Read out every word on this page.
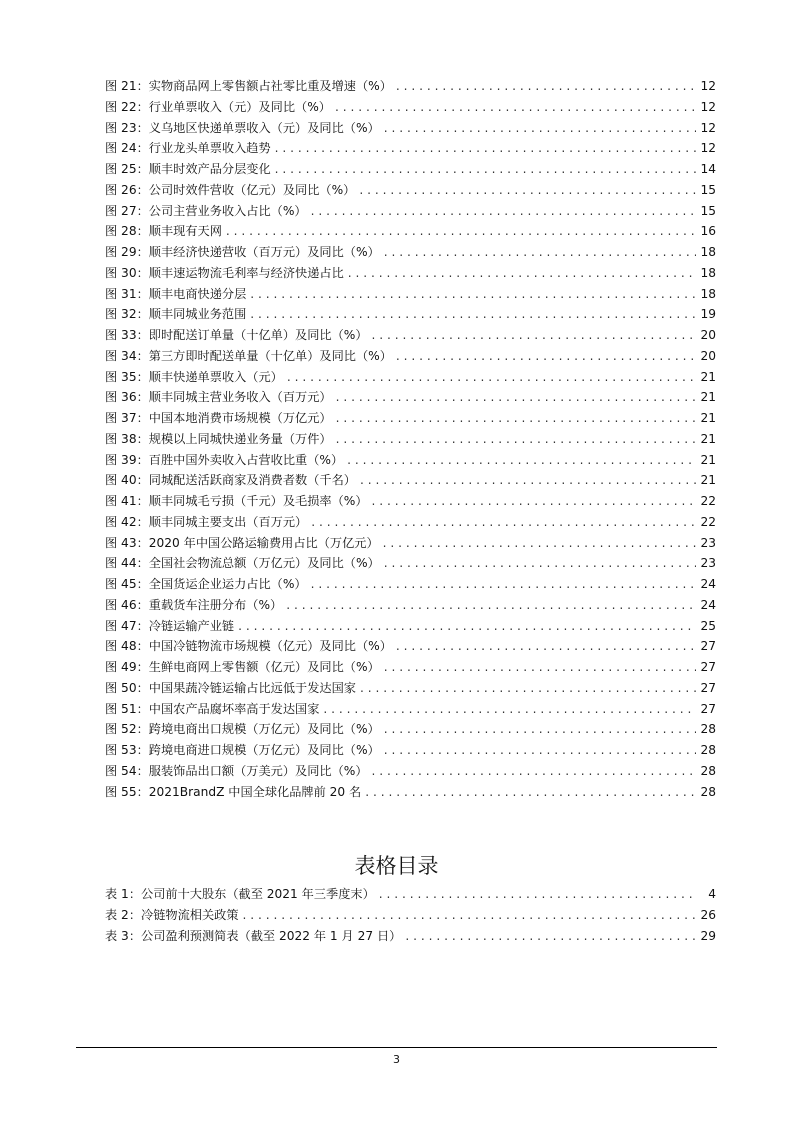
图 21： 实物商品网上零售额占社零比重及增速（%） . . .	12
图 22： 行业单票收入（元）及同比（%） . . .	12
图 23： 义乌地区快递单票收入（元）及同比（%） . . .	12
图 24： 行业龙头单票收入趋势 . . .	12
图 25： 顺丰时效产品分层变化 . . .	14
图 26： 公司时效件营收（亿元）及同比（%） . . .	15
图 27： 公司主营业务收入占比（%） . . .	15
图 28： 顺丰现有天网 . . .	16
图 29： 顺丰经济快递营收（百万元）及同比（%） . . .	18
图 30： 顺丰速运物流毛利率与经济快递占比 . . .	18
图 31： 顺丰电商快递分层 . . .	18
图 32： 顺丰同城业务范围 . . .	19
图 33： 即时配送订单量（十亿单）及同比（%） . . .	20
图 34： 第三方即时配送单量（十亿单）及同比（%） . . .	20
图 35： 顺丰快递单票收入（元） . . .	21
图 36： 顺丰同城主营业务收入（百万元） . . .	21
图 37： 中国本地消费市场规模（万亿元） . . .	21
图 38： 规模以上同城快递业务量（万件） . . .	21
图 39： 百胜中国外卖收入占营收比重（%） . . .	21
图 40： 同城配送活跃商家及消费者数（千名） . . .	21
图 41： 顺丰同城毛亏损（千元）及毛损率（%） . . .	22
图 42： 顺丰同城主要支出（百万元） . . .	22
图 43： 2020 年中国公路运输费用占比（万亿元） . . .	23
图 44： 全国社会物流总额（万亿元）及同比（%） . . .	23
图 45： 全国货运企业运力占比（%） . . .	24
图 46： 重载货车注册分布（%） . . .	24
图 47： 冷链运输产业链 . . .	25
图 48： 中国冷链物流市场规模（亿元）及同比（%） . . .	27
图 49： 生鲜电商网上零售额（亿元）及同比（%） . . .	27
图 50： 中国果蔬冷链运输占比远低于发达国家 . . .	27
图 51： 中国农产品腐坏率高于发达国家 . . .	27
图 52： 跨境电商出口规模（万亿元）及同比（%） . . .	28
图 53： 跨境电商进口规模（万亿元）及同比（%） . . .	28
图 54： 服装饰品出口额（万美元）及同比（%） . . .	28
图 55： 2021BrandZ 中国全球化品牌前 20 名 . . .	28
表格目录
表 1： 公司前十大股东（截至 2021 年三季度末） . . .	4
表 2： 冷链物流相关政策 . . .	26
表 3： 公司盈利预测简表（截至 2022 年 1 月 27 日） . . .	29
3
